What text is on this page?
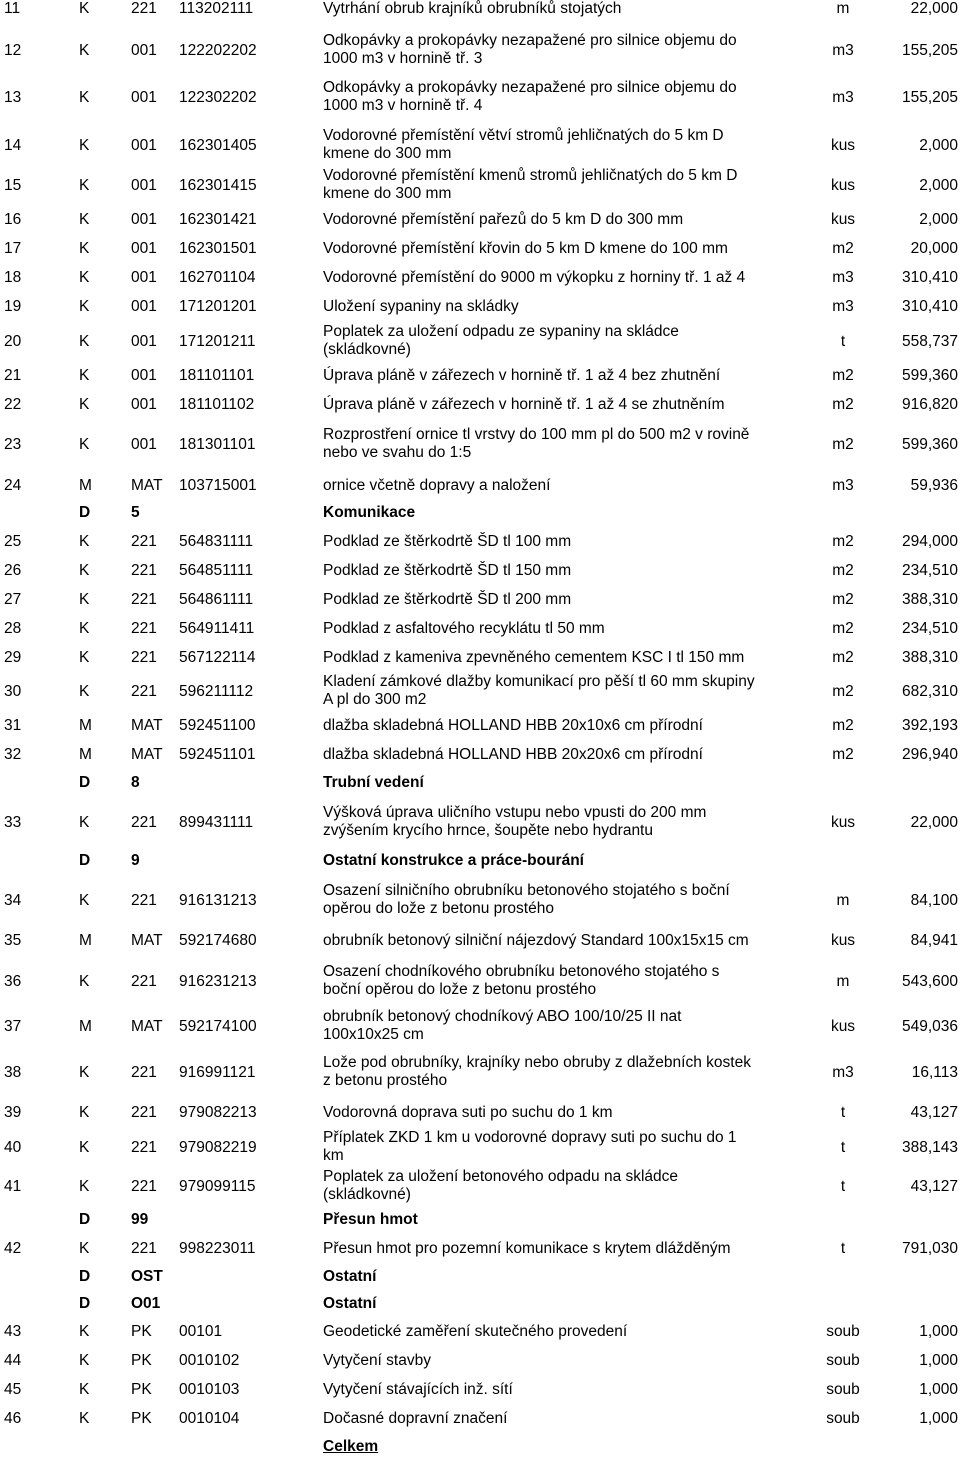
11	K	221 113202111	Vytrhání obrub krajníků obrubníků stojatých	m	22,000
12	K	001 122202202
Odkopávky a prokopávky nezapažené pro silnice objemu do
1000 m3 v hornině tř. 3	m3	155,205
13	K	001 122302202
Odkopávky a prokopávky nezapažené pro silnice objemu do
1000 m3 v hornině tř. 4	m3	155,205
14	K	001 162301405
Vodorovné přemístění větví stromů jehličnatých do 5 km D
kmene do 300 mm	kus	2,000
15	K	001 162301415
Vodorovné přemístění kmenů stromů jehličnatých do 5 km D
kmene do 300 mm	kus	2,000
16	K	001 162301421	Vodorovné přemístění pařezů do 5 km D do 300 mm	kus	2,000
17	K	001 162301501	Vodorovné přemístění křovin do 5 km D kmene do 100 mm	m2	20,000
18	K	001 162701104	Vodorovné přemístění do 9000 m výkopku z horniny tř. 1 až 4	m3	310,410
19	K	001 171201201	Uložení sypaniny na skládky	m3	310,410
20	K	001 171201211
Poplatek za uložení odpadu ze sypaniny na skládce
(skládkovné)	t	558,737
21	K	001 181101101	Úprava pláně v zářezech v hornině tř. 1 až 4 bez zhutnění	m2	599,360
22	K	001 181101102	Úprava pláně v zářezech v hornině tř. 1 až 4 se zhutněním	m2	916,820
23	K	001 181301101
Rozprostření ornice tl vrstvy do 100 mm pl do 500 m2 v rovině
nebo ve svahu do 1:5	m2	599,360
24	M	MAT 103715001	ornice včetně dopravy a naložení	m3	59,936
D	5	Komunikace
25	K	221 564831111	Podklad ze štěrkodrtě ŠD tl 100 mm	m2	294,000
26	K	221 564851111	Podklad ze štěrkodrtě ŠD tl 150 mm	m2	234,510
27	K	221 564861111	Podklad ze štěrkodrtě ŠD tl 200 mm	m2	388,310
28	K	221 564911411	Podklad z asfaltového recyklátu tl 50 mm	m2	234,510
29	K	221 567122114	Podklad z kameniva zpevněného cementem KSC I tl 150 mm	m2	388,310
30	K	221 596211112
Kladení zámkové dlažby komunikací pro pěší tl 60 mm skupiny
A pl do 300 m2	m2	682,310
31	M	MAT 592451100	dlažba skladebná HOLLAND HBB 20x10x6 cm přírodní	m2	392,193
32	M	MAT 592451101	dlažba skladebná HOLLAND HBB 20x20x6 cm přírodní	m2	296,940
D	8	Trubní vedení
33	K	221 899431111
Výšková úprava uličního vstupu nebo vpusti do 200 mm
zvýšením krycího hrnce, šoupěte nebo hydrantu	kus	22,000
D	9	Ostatní konstrukce a práce-bourání
34	K	221 916131213
Osazení silničního obrubníku betonového stojatého s boční
opěrou do lože z betonu prostého	m	84,100
35	M	MAT 592174680	obrubník betonový silniční nájezdový Standard 100x15x15 cm	kus	84,941
36	K	221 916231213
Osazení chodníkového obrubníku betonového stojatého s
boční opěrou do lože z betonu prostého	m	543,600
37	M	MAT 592174100
obrubník betonový chodníkový ABO 100/10/25 II nat
100x10x25 cm	kus	549,036
38	K	221 916991121
Lože pod obrubníky, krajníky nebo obruby z dlažebních kostek
z betonu prostého	m3	16,113
39	K	221 979082213	Vodorovná doprava suti po suchu do 1 km	t	43,127
40	K	221 979082219
Příplatek ZKD 1 km u vodorovné dopravy suti po suchu do 1
km	t	388,143
41	K	221 979099115
Poplatek za uložení betonového odpadu na skládce
(skládkovné)	t	43,127
D	99	Přesun hmot
42	K	221 998223011	Přesun hmot pro pozemní komunikace s krytem dlážděným	t	791,030
D	OST	Ostatní
D	O01	Ostatní
43	K	PK 00101	Geodetické zaměření skutečného provedení	soub	1,000
44	K	PK 0010102	Vytyčení stavby	soub	1,000
45	K	PK 0010103	Vytyčení stávajících inž. sítí	soub	1,000
46	K	PK 0010104	Dočasné dopravní značení	soub	1,000
Celkem
